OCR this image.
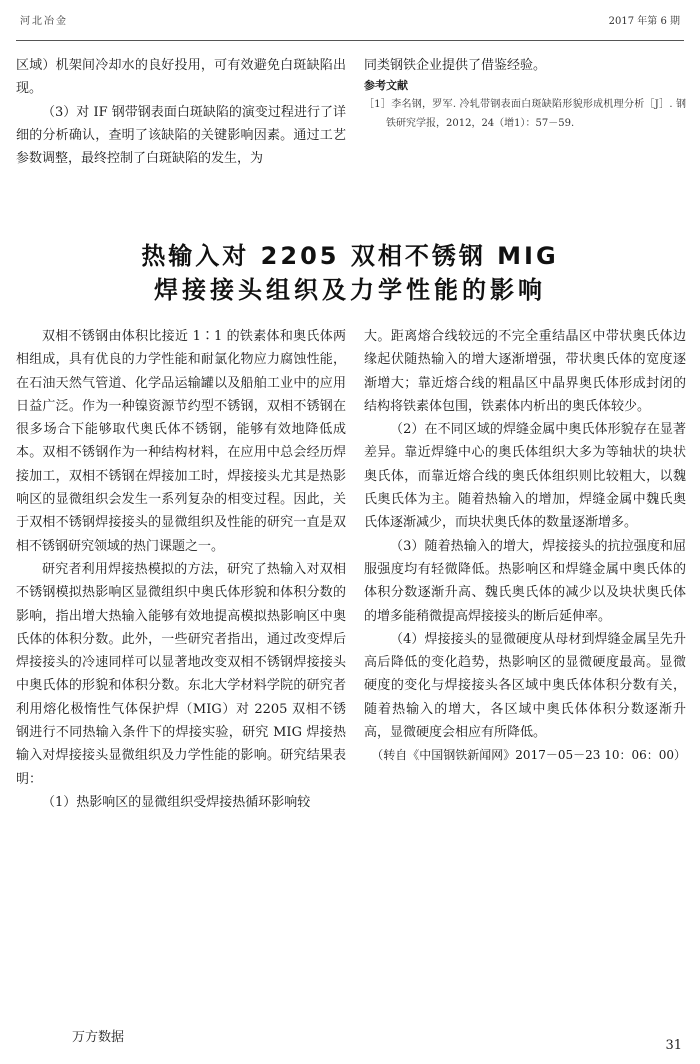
河北冶金	2017 年第 6 期

区域）机架间冷却水的良好投用，可有效避免白斑缺陷出现。

（3）对 IF 钢带钢表面白斑缺陷的演变过程进行了详细的分析确认，查明了该缺陷的关键影响因素。通过工艺参数调整，最终控制了白斑缺陷的发生，为

同类钢铁企业提供了借鉴经验。

参考文献

［1］李名钢，罗军. 冷轧带钢表面白斑缺陷形貌形成机理分析［J］. 钢铁研究学报，2012，24（增1）：57－59.

热输入对 2205 双相不锈钢 MIG
焊接接头组织及力学性能的影响

双相不锈钢由体积比接近 1∶1 的铁素体和奥氏体两相组成，具有优良的力学性能和耐氯化物应力腐蚀性能，在石油天然气管道、化学品运输罐以及船舶工业中的应用日益广泛。作为一种镍资源节约型不锈钢，双相不锈钢在很多场合下能够取代奥氏体不锈钢，能够有效地降低成本。双相不锈钢作为一种结构材料，在应用中总会经历焊接加工，双相不锈钢在焊接加工时，焊接接头尤其是热影响区的显微组织会发生一系列复杂的相变过程。因此，关于双相不锈钢焊接接头的显微组织及性能的研究一直是双相不锈钢研究领域的热门课题之一。

研究者利用焊接热模拟的方法，研究了热输入对双相不锈钢模拟热影响区显微组织中奥氏体形貌和体积分数的影响，指出增大热输入能够有效地提高模拟热影响区中奥氏体的体积分数。此外，一些研究者指出，通过改变焊后焊接接头的冷速同样可以显著地改变双相不锈钢焊接接头中奥氏体的形貌和体积分数。东北大学材料学院的研究者利用熔化极惰性气体保护焊（MIG）对 2205 双相不锈钢进行不同热输入条件下的焊接实验，研究 MIG 焊接热输入对焊接接头显微组织及力学性能的影响。研究结果表明：

（1）热影响区的显微组织受焊接热循环影响较

大。距离熔合线较远的不完全重结晶区中带状奥氏体边缘起伏随热输入的增大逐渐增强，带状奥氏体的宽度逐渐增大；靠近熔合线的粗晶区中晶界奥氏体形成封闭的结构将铁素体包围，铁素体内析出的奥氏体较少。

（2）在不同区域的焊缝金属中奥氏体形貌存在显著差异。靠近焊缝中心的奥氏体组织大多为等轴状的块状奥氏体，而靠近熔合线的奥氏体组织则比较粗大，以魏氏奥氏体为主。随着热输入的增加，焊缝金属中魏氏奥氏体逐渐减少，而块状奥氏体的数量逐渐增多。

（3）随着热输入的增大，焊接接头的抗拉强度和屈服强度均有轻微降低。热影响区和焊缝金属中奥氏体的体积分数逐渐升高、魏氏奥氏体的减少以及块状奥氏体的增多能稍微提高焊接接头的断后延伸率。

（4）焊接接头的显微硬度从母材到焊缝金属呈先升高后降低的变化趋势，热影响区的显微硬度最高。显微硬度的变化与焊接接头各区域中奥氏体体积分数有关，随着热输入的增大，各区域中奥氏体体积分数逐渐升高，显微硬度会相应有所降低。

（转自《中国钢铁新闻网》2017－05－23 10：06：00）

万方数据
31
